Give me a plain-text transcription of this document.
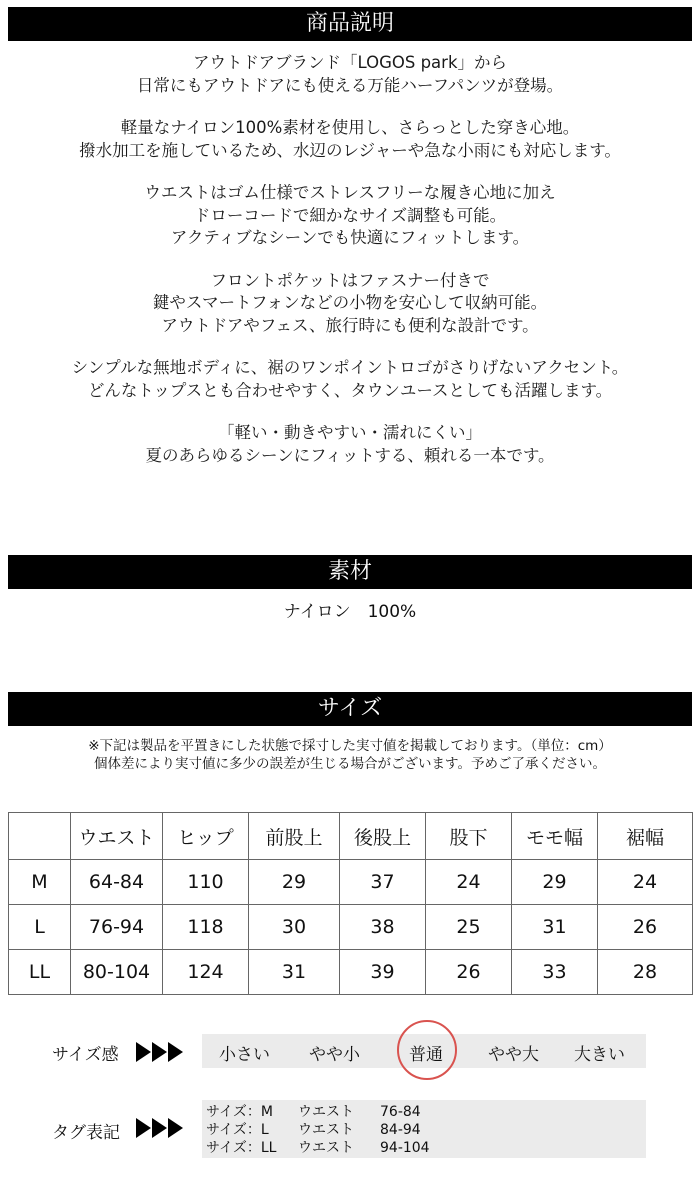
商品説明
アウトドアブランド「LOGOS park」から
日常にもアウトドアにも使える万能ハーフパンツが登場。
軽量なナイロン100%素材を使用し、さらっとした穿き心地。
撥水加工を施しているため、水辺のレジャーや急な小雨にも対応します。
ウエストはゴム仕様でストレスフリーな履き心地に加え
ドローコードで細かなサイズ調整も可能。
アクティブなシーンでも快適にフィットします。
フロントポケットはファスナー付きで
鍵やスマートフォンなどの小物を安心して収納可能。
アウトドアやフェス、旅行時にも便利な設計です。
シンプルな無地ボディに、裾のワンポイントロゴがさりげないアクセント。
どんなトップスとも合わせやすく、タウンユースとしても活躍します。
「軽い・動きやすい・濡れにくい」
夏のあらゆるシーンにフィットする、頼れる一本です。
素材
ナイロン　100%
サイズ
※下記は製品を平置きにした状態で採寸した実寸値を掲載しております。（単位：cm）
個体差により実寸値に多少の誤差が生じる場合がございます。予めご了承ください。
	ウエスト	ヒップ	前股上	後股上	股下	モモ幅	裾幅
M	64-84	110	29	37	24	29	24
L	76-94	118	30	38	25	31	26
LL	80-104	124	31	39	26	33	28
サイズ感	小さい やや小	普通	やや大 大きい
タグ表記
サイズ：M	ウエスト	76-84
サイズ：L	ウエスト	84-94
サイズ：LL	ウエスト	94-104
